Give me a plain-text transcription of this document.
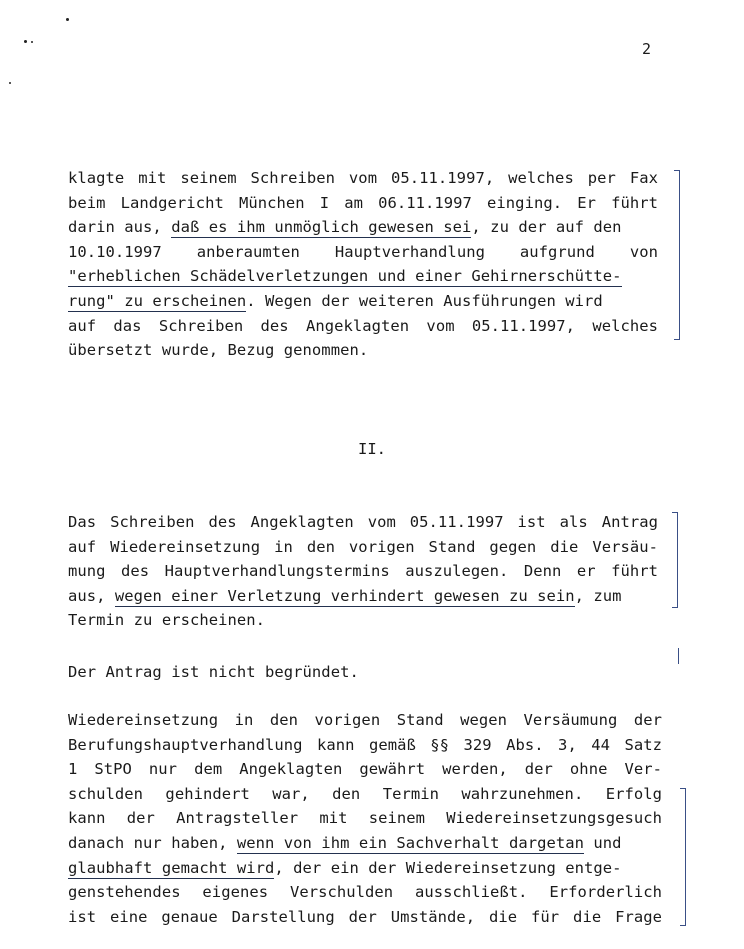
2
klagte mit seinem Schreiben vom 05.11.1997, welches per Fax
beim Landgericht München I am 06.11.1997 einging. Er führt
darin aus, daß es ihm unmöglich gewesen sei, zu der auf den
10.10.1997 anberaumten Hauptverhandlung aufgrund von
"erheblichen Schädelverletzungen und einer Gehirnerschütte-
rung" zu erscheinen. Wegen der weiteren Ausführungen wird
auf das Schreiben des Angeklagten vom 05.11.1997, welches
übersetzt wurde, Bezug genommen.
II.
Das Schreiben des Angeklagten vom 05.11.1997 ist als Antrag
auf Wiedereinsetzung in den vorigen Stand gegen die Versäu-
mung des Hauptverhandlungstermins auszulegen. Denn er führt
aus, wegen einer Verletzung verhindert gewesen zu sein, zum
Termin zu erscheinen.
Der Antrag ist nicht begründet.
Wiedereinsetzung in den vorigen Stand wegen Versäumung der
Berufungshauptverhandlung kann gemäß §§ 329 Abs. 3, 44 Satz
1 StPO nur dem Angeklagten gewährt werden, der ohne Ver-
schulden gehindert war, den Termin wahrzunehmen. Erfolg
kann der Antragsteller mit seinem Wiedereinsetzungsgesuch
danach nur haben, wenn von ihm ein Sachverhalt dargetan und
glaubhaft gemacht wird, der ein der Wiedereinsetzung entge-
genstehendes eigenes Verschulden ausschließt. Erforderlich
ist eine genaue Darstellung der Umstände, die für die Frage
